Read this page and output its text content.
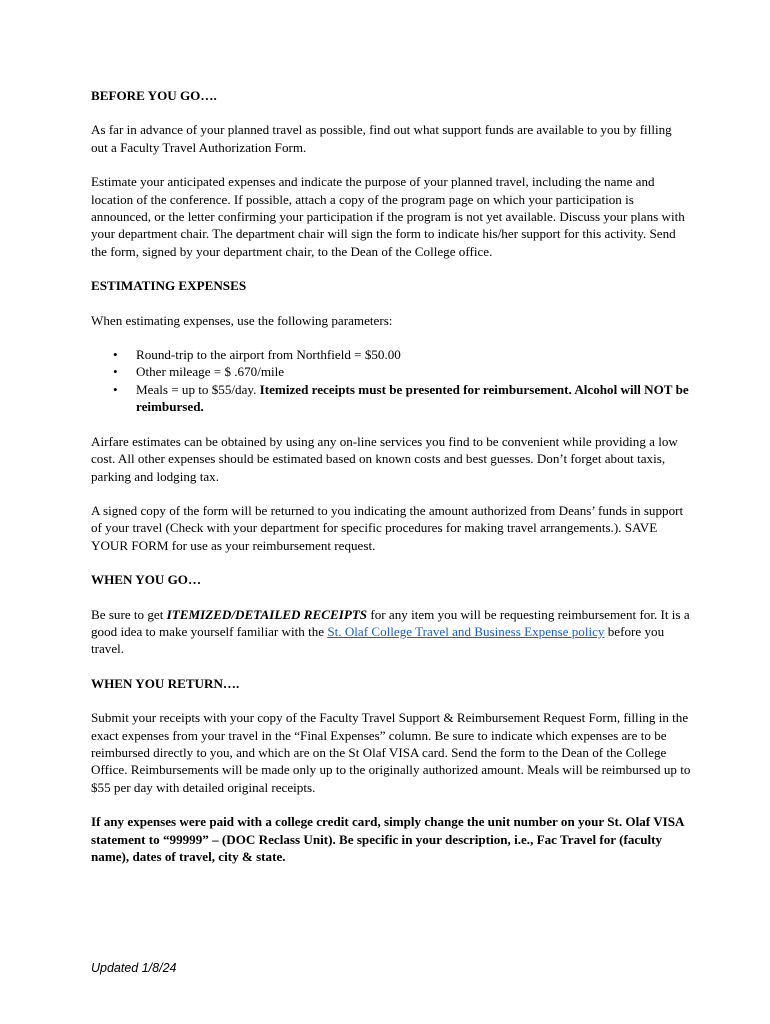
BEFORE YOU GO….

As far in advance of your planned travel as possible, find out what support funds are available to you by filling out a Faculty Travel Authorization Form.

Estimate your anticipated expenses and indicate the purpose of your planned travel, including the name and location of the conference. If possible, attach a copy of the program page on which your participation is announced, or the letter confirming your participation if the program is not yet available. Discuss your plans with your department chair. The department chair will sign the form to indicate his/her support for this activity. Send the form, signed by your department chair, to the Dean of the College office.

ESTIMATING EXPENSES

When estimating expenses, use the following parameters:

• Round-trip to the airport from Northfield = $50.00
• Other mileage = $ .670/mile
• Meals = up to $55/day. Itemized receipts must be presented for reimbursement. Alcohol will NOT be reimbursed.

Airfare estimates can be obtained by using any on-line services you find to be convenient while providing a low cost. All other expenses should be estimated based on known costs and best guesses. Don’t forget about taxis, parking and lodging tax.

A signed copy of the form will be returned to you indicating the amount authorized from Deans’ funds in support of your travel (Check with your department for specific procedures for making travel arrangements.). SAVE YOUR FORM for use as your reimbursement request.

WHEN YOU GO…

Be sure to get ITEMIZED/DETAILED RECEIPTS for any item you will be requesting reimbursement for. It is a good idea to make yourself familiar with the St. Olaf College Travel and Business Expense policy before you travel.

WHEN YOU RETURN….

Submit your receipts with your copy of the Faculty Travel Support & Reimbursement Request Form, filling in the exact expenses from your travel in the “Final Expenses” column. Be sure to indicate which expenses are to be reimbursed directly to you, and which are on the St Olaf VISA card. Send the form to the Dean of the College Office. Reimbursements will be made only up to the originally authorized amount. Meals will be reimbursed up to $55 per day with detailed original receipts.

If any expenses were paid with a college credit card, simply change the unit number on your St. Olaf VISA statement to “99999” – (DOC Reclass Unit). Be specific in your description, i.e., Fac Travel for (faculty name), dates of travel, city & state.

Updated 1/8/24
